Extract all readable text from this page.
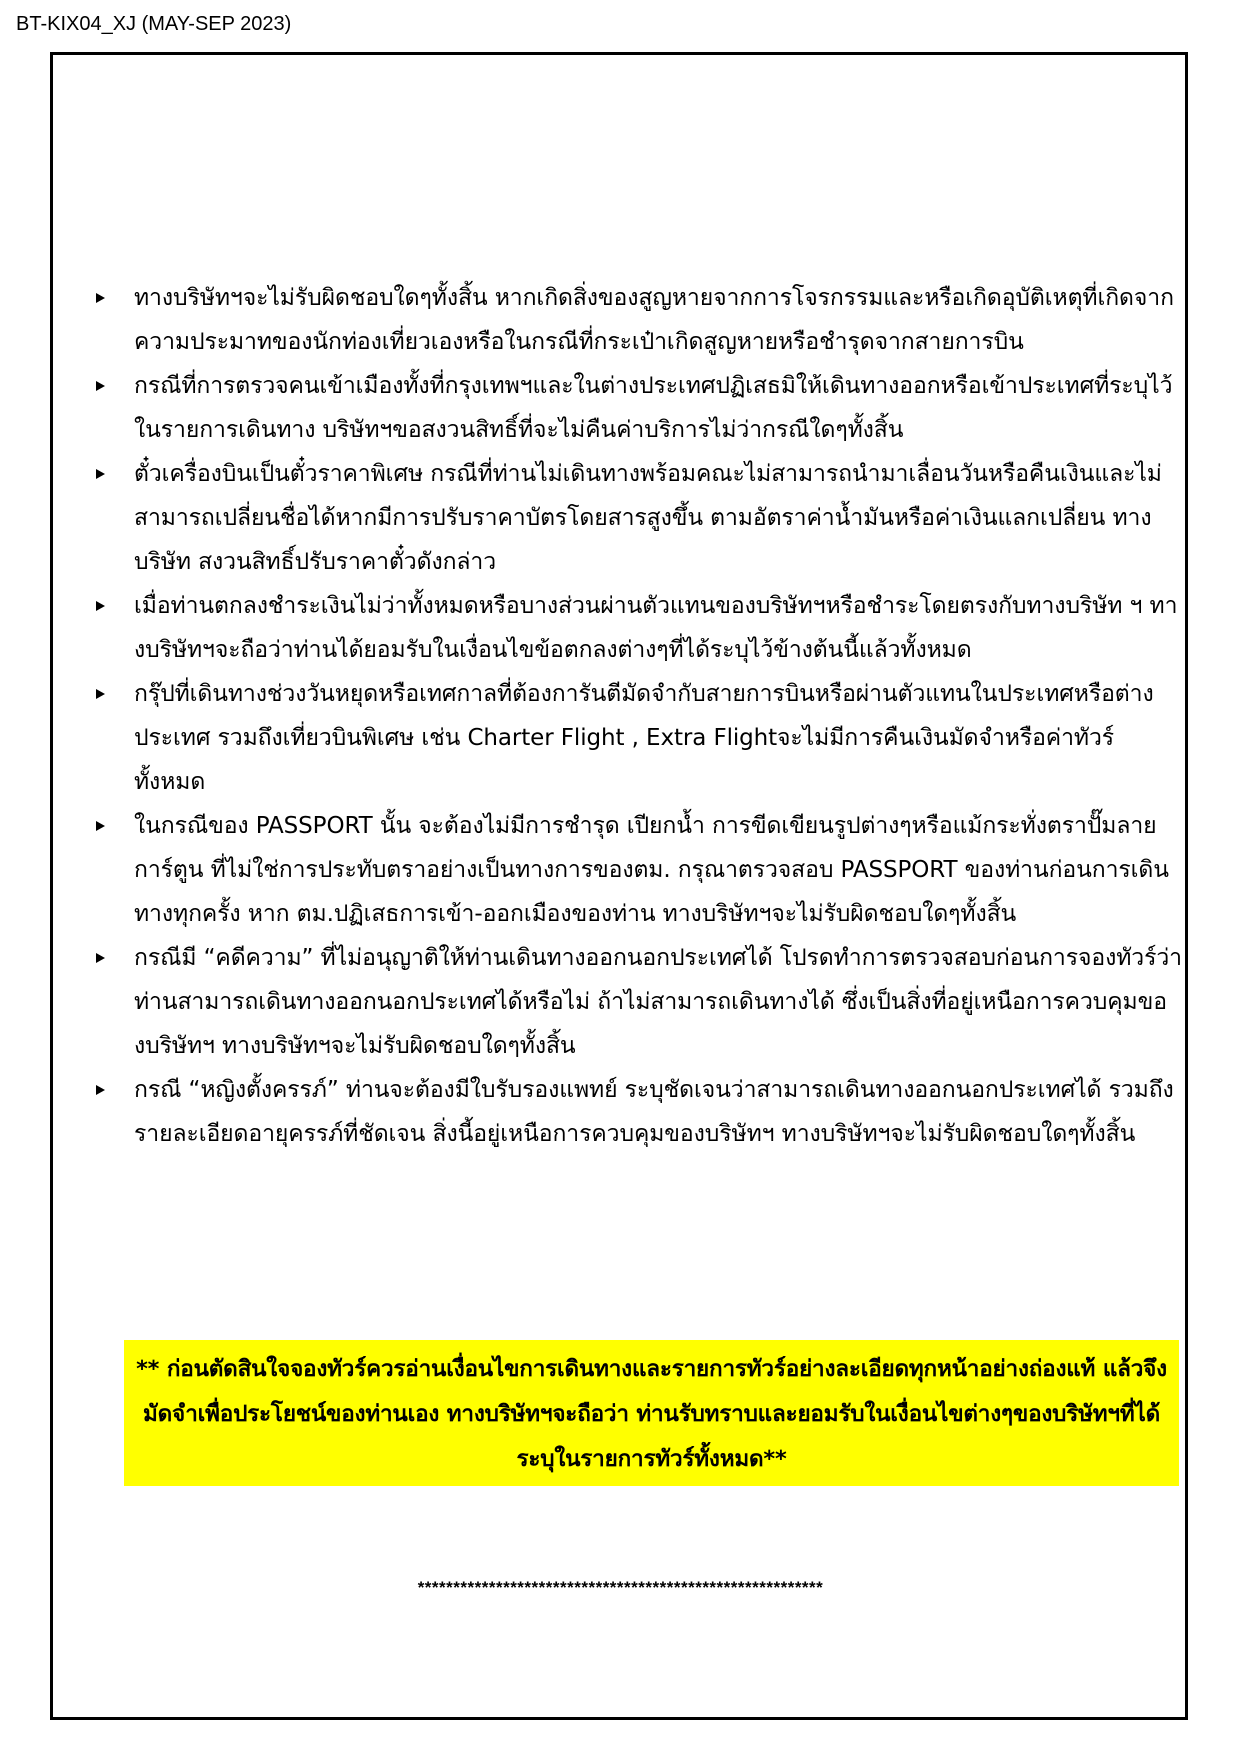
BT-KIX04_XJ (MAY-SEP 2023)
ทางบริษัทฯจะไม่รับผิดชอบใดๆทั้งสิ้น หากเกิดสิ่งของสูญหายจากการโจรกรรมและหรือเกิดอุบัติเหตุที่เกิดจากความประมาทของนักท่องเที่ยวเองหรือในกรณีที่กระเป๋าเกิดสูญหายหรือชำรุดจากสายการบิน
กรณีที่การตรวจคนเข้าเมืองทั้งที่กรุงเทพฯและในต่างประเทศปฏิเสธมิให้เดินทางออกหรือเข้าประเทศที่ระบุไว้ในรายการเดินทาง บริษัทฯขอสงวนสิทธิ์ที่จะไม่คืนค่าบริการไม่ว่ากรณีใดๆทั้งสิ้น
ตั๋วเครื่องบินเป็นตั๋วราคาพิเศษ กรณีที่ท่านไม่เดินทางพร้อมคณะไม่สามารถนำมาเลื่อนวันหรือคืนเงินและไม่สามารถเปลี่ยนชื่อได้หากมีการปรับราคาบัตรโดยสารสูงขึ้น ตามอัตราค่าน้ำมันหรือค่าเงินแลกเปลี่ยน ทางบริษัท สงวนสิทธิ์ปรับราคาตั๋วดังกล่าว
เมื่อท่านตกลงชำระเงินไม่ว่าทั้งหมดหรือบางส่วนผ่านตัวแทนของบริษัทฯหรือชำระโดยตรงกับทางบริษัท ฯ ทางบริษัทฯจะถือว่าท่านได้ยอมรับในเงื่อนไขข้อตกลงต่างๆที่ได้ระบุไว้ข้างต้นนี้แล้วทั้งหมด
กรุ๊ปที่เดินทางช่วงวันหยุดหรือเทศกาลที่ต้องการันตีมัดจำกับสายการบินหรือผ่านตัวแทนในประเทศหรือต่างประเทศ รวมถึงเที่ยวบินพิเศษ เช่น Charter Flight , Extra Flightจะไม่มีการคืนเงินมัดจำหรือค่าทัวร์ทั้งหมด
ในกรณีของ PASSPORT นั้น จะต้องไม่มีการชำรุด เปียกน้ำ การขีดเขียนรูปต่างๆหรือแม้กระทั่งตราปั๊มลายการ์ตูน ที่ไม่ใช่การประทับตราอย่างเป็นทางการของตม. กรุณาตรวจสอบ PASSPORT ของท่านก่อนการเดินทางทุกครั้ง หาก ตม.ปฏิเสธการเข้า-ออกเมืองของท่าน ทางบริษัทฯจะไม่รับผิดชอบใดๆทั้งสิ้น
กรณีมี “คดีความ” ที่ไม่อนุญาติให้ท่านเดินทางออกนอกประเทศได้ โปรดทำการตรวจสอบก่อนการจองทัวร์ว่าท่านสามารถเดินทางออกนอกประเทศได้หรือไม่ ถ้าไม่สามารถเดินทางได้ ซึ่งเป็นสิ่งที่อยู่เหนือการควบคุมของบริษัทฯ ทางบริษัทฯจะไม่รับผิดชอบใดๆทั้งสิ้น
กรณี “หญิงตั้งครรภ์” ท่านจะต้องมีใบรับรองแพทย์ ระบุชัดเจนว่าสามารถเดินทางออกนอกประเทศได้ รวมถึงรายละเอียดอายุครรภ์ที่ชัดเจน สิ่งนี้อยู่เหนือการควบคุมของบริษัทฯ ทางบริษัทฯจะไม่รับผิดชอบใดๆทั้งสิ้น
** ก่อนตัดสินใจจองทัวร์ควรอ่านเงื่อนไขการเดินทางและรายการทัวร์อย่างละเอียดทุกหน้าอย่างถ่องแท้ แล้วจึงมัดจำเพื่อประโยชน์ของท่านเอง ทางบริษัทฯจะถือว่า ท่านรับทราบและยอมรับในเงื่อนไขต่างๆของบริษัทฯที่ได้ระบุในรายการทัวร์ทั้งหมด**
*********************************************************
